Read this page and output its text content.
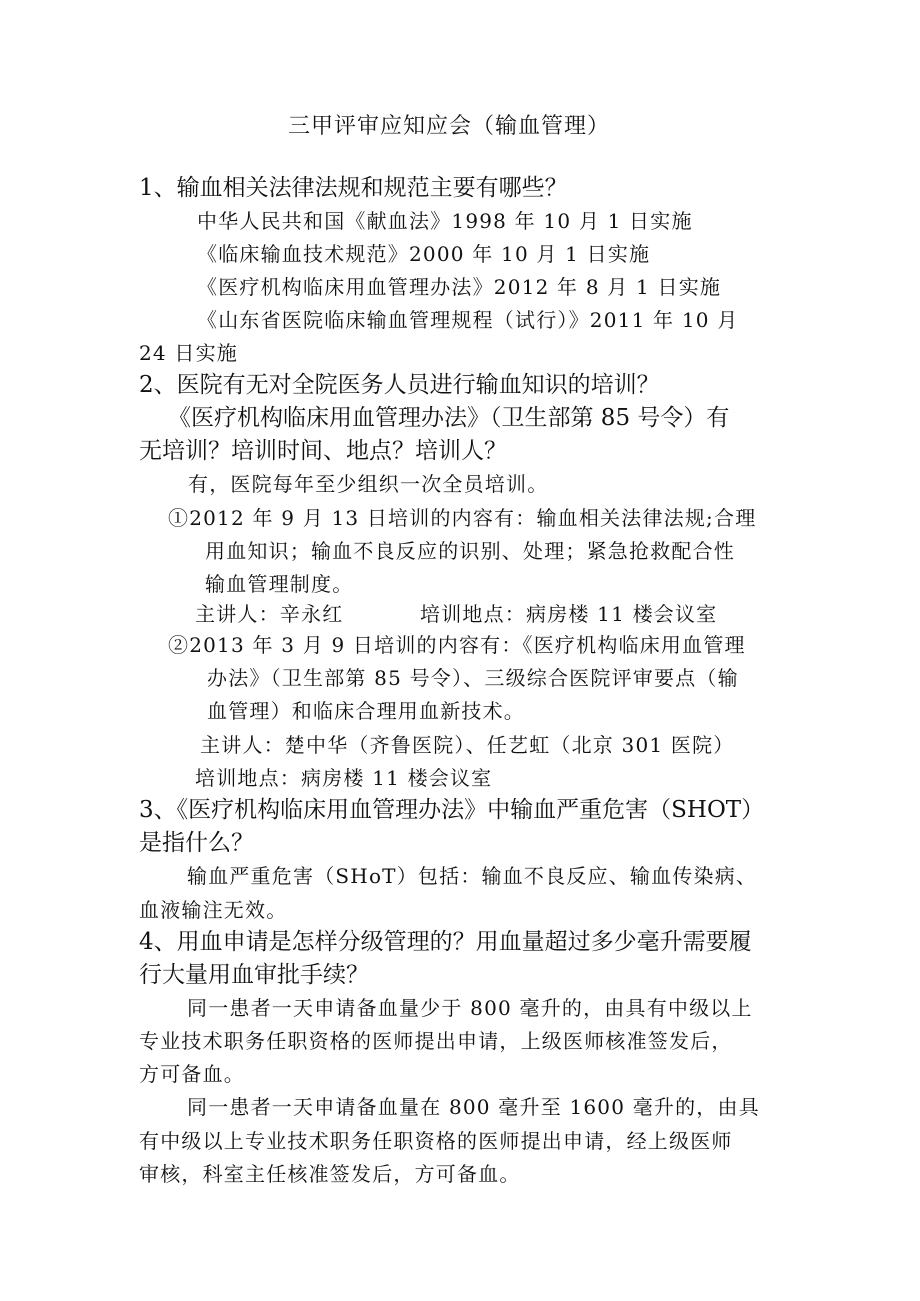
三甲评审应知应会（输血管理）
1、输血相关法律法规和规范主要有哪些？
中华人民共和国《献血法》1998 年 10 月 1 日实施
《临床输血技术规范》2000 年 10 月 1 日实施
《医疗机构临床用血管理办法》2012 年 8 月 1 日实施
《山东省医院临床输血管理规程（试行）》2011 年 10 月
24 日实施
2、医院有无对全院医务人员进行输血知识的培训？
《医疗机构临床用血管理办法》（卫生部第 85 号令）有
无培训？培训时间、地点？培训人？
有，医院每年至少组织一次全员培训。
①2012 年 9 月 13 日培训的内容有：输血相关法律法规;合理
用血知识；输血不良反应的识别、处理；紧急抢救配合性
输血管理制度。
主讲人：辛永红	培训地点：病房楼 11 楼会议室
②2013 年 3 月 9 日培训的内容有：《医疗机构临床用血管理
办法》（卫生部第 85 号令）、三级综合医院评审要点（输
血管理）和临床合理用血新技术。
主讲人：楚中华（齐鲁医院）、任艺虹（北京 301 医院）
培训地点：病房楼 11 楼会议室
3、《医疗机构临床用血管理办法》中输血严重危害（SHOT）
是指什么？
输血严重危害（SHoT）包括：输血不良反应、输血传染病、
血液输注无效。
4、用血申请是怎样分级管理的？用血量超过多少毫升需要履
行大量用血审批手续？
同一患者一天申请备血量少于 800 毫升的，由具有中级以上
专业技术职务任职资格的医师提出申请，上级医师核准签发后，
方可备血。
同一患者一天申请备血量在 800 毫升至 1600 毫升的，由具
有中级以上专业技术职务任职资格的医师提出申请，经上级医师
审核，科室主任核准签发后，方可备血。
